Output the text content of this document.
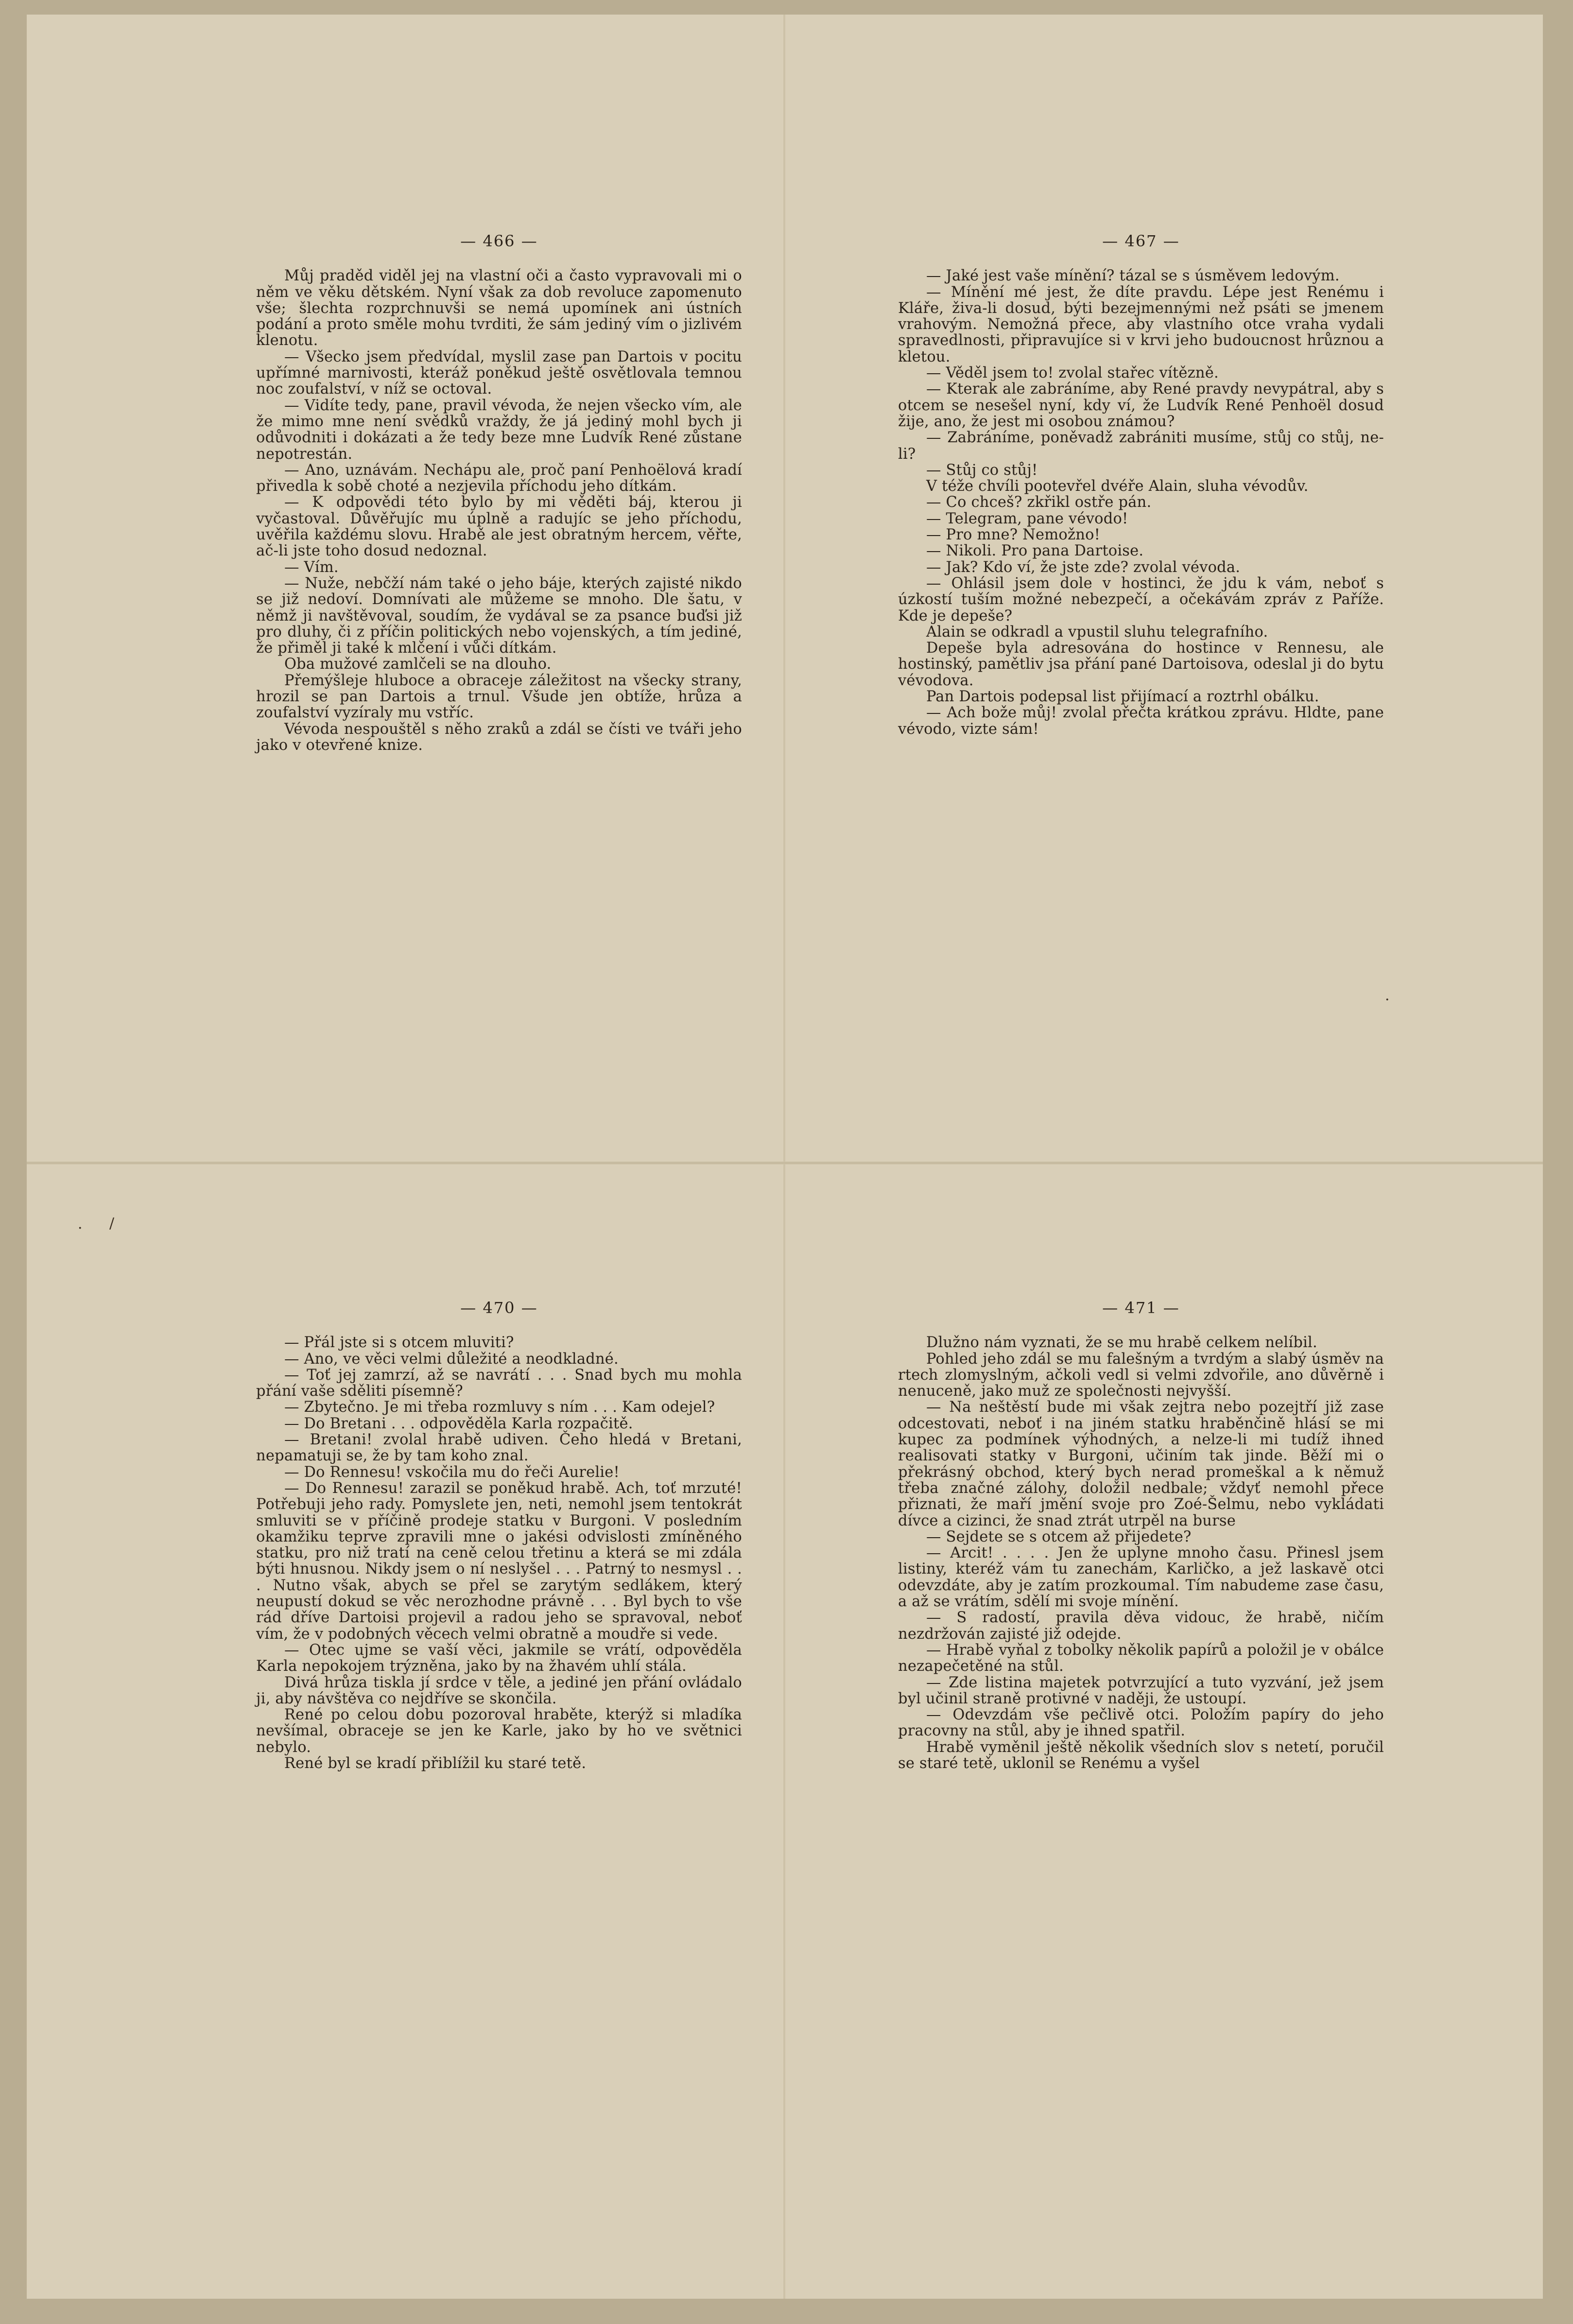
— 466 —

Můj praděd viděl jej na vlastní oči a často vypravovali mi o něm ve věku dětském. Nyní však za dob revoluce zapomenuto vše; šlechta rozprchnuvši se nemá upomínek ani ústních podání a proto směle mohu tvrditi, že sám jediný vím o jizlivém klenotu.

— Všecko jsem předvídal, myslil zase pan Dartois v pocitu upřímné marnivosti, kteráž poněkud ještě osvětlovala temnou noc zoufalství, v níž se octoval.

— Vidíte tedy, pane, pravil vévoda, že nejen všecko vím, ale že mimo mne není svědků vraždy, že já jediný mohl bych ji odůvodniti i dokázati a že tedy beze mne Ludvík René zůstane nepotrestán.

— Ano, uznávám. Nechápu ale, proč paní Penhoëlová kradí přivedla k sobě choté a nezjevila příchodu jeho dítkám.

— K odpovědi této bylo by mi věděti báj, kterou ji vyčastoval. Důvěřujíc mu úplně a radujíc se jeho příchodu, uvěřila každému slovu. Hrabě ale jest obratným hercem, věřte, ač-li jste toho dosud nedoznal.

— Vím.

— Nuže, nebčží nám také o jeho báje, kterých zajisté nikdo se již nedoví. Domnívati ale můžeme se mnoho. Dle šatu, v němž ji navštěvoval, soudím, že vydával se za psance buďsi již pro dluhy, či z příčin politických nebo vojenských, a tím jediné, že přiměl ji také k mlčení i vůči dítkám.

Oba mužové zamlčeli se na dlouho.

Přemýšleje hluboce a obraceje záležitost na všecky strany, hrozil se pan Dartois a trnul. Všude jen obtíže, hrůza a zoufalství vyzíraly mu vstříc.

Vévoda nespouštěl s něho zraků a zdál se čísti ve tváři jeho jako v otevřené knize.

— 467 —

— Jaké jest vaše mínění? tázal se s úsměvem ledovým.

— Mínění mé jest, že díte pravdu. Lépe jest Renému i Kláře, živa-li dosud, býti bezejmennými než psáti se jmenem vrahovým. Nemožná přece, aby vlastního otce vraha vydali spravedlnosti, připravujíce si v krvi jeho budoucnost hrůznou a kletou.

— Věděl jsem to! zvolal stařec vítězně.

— Kterak ale zabráníme, aby René pravdy nevypátral, aby s otcem se nesešel nyní, kdy ví, že Ludvík René Penhoël dosud žije, ano, že jest mi osobou známou?

— Zabráníme, poněvadž zabrániti musíme, stůj co stůj, ne-li?

— Stůj co stůj!

V téže chvíli pootevřel dvéře Alain, sluha vévodův.

— Co chceš? zkřikl ostře pán.

— Telegram, pane vévodo!

— Pro mne? Nemožno!

— Nikoli. Pro pana Dartoise.

— Jak? Kdo ví, že jste zde? zvolal vévoda.

— Ohlásil jsem dole v hostinci, že jdu k vám, neboť s úzkostí tuším možné nebezpečí, a očekávám zpráv z Paříže. Kde je depeše?

Alain se odkradl a vpustil sluhu telegrafního.

Depeše byla adresována do hostince v Rennesu, ale hostinský, pamětliv jsa přání pané Dartoisova, odeslal ji do bytu vévodova.

Pan Dartois podepsal list přijímací a roztrhl obálku.

— Ach bože můj! zvolal přečta krátkou zprávu. Hldte, pane vévodo, vizte sám!

— 470 —

— Přál jste si s otcem mluviti?

— Ano, ve věci velmi důležité a neodkladné.

— Toť jej zamrzí, až se navrátí . . . Snad bych mu mohla přání vaše sděliti písemně?

— Zbytečno. Je mi třeba rozmluvy s ním . . . Kam odejel?

— Do Bretani . . . odpověděla Karla rozpačitě.

— Bretani! zvolal hrabě udiven. Čeho hledá v Bretani, nepamatuji se, že by tam koho znal.

— Do Rennesu! vskočila mu do řeči Aurelie!

— Do Rennesu! zarazil se poněkud hrabě. Ach, toť mrzuté! Potřebuji jeho rady. Pomyslete jen, neti, nemohl jsem tentokrát smluviti se v příčině prodeje statku v Burgoni. V posledním okamžiku teprve zpravili mne o jakési odvislosti zmíněného statku, pro niž tratí na ceně celou třetinu a která se mi zdála býti hnusnou. Nikdy jsem o ní neslyšel . . . Patrný to nesmysl . . . Nutno však, abych se přel se zarytým sedlákem, který neupustí dokud se věc nerozhodne právně . . . Byl bych to vše rád dříve Dartoisi projevil a radou jeho se spravoval, neboť vím, že v podobných věcech velmi obratně a moudře si vede.

— Otec ujme se vaší věci, jakmile se vrátí, odpověděla Karla nepokojem trýzněna, jako by na žhavém uhlí stála.

Divá hrůza tiskla jí srdce v těle, a jediné jen přání ovládalo ji, aby návštěva co nejdříve se skončila.

René po celou dobu pozoroval hraběte, kterýž si mladíka nevšímal, obraceje se jen ke Karle, jako by ho ve světnici nebylo.

René byl se kradí přiblížil ku staré tetě.

— 471 —

Dlužno nám vyznati, že se mu hrabě celkem nelíbil.

Pohled jeho zdál se mu falešným a tvrdým a slabý úsměv na rtech zlomyslným, ačkoli vedl si velmi zdvořile, ano důvěrně i nenuceně, jako muž ze společnosti nejvyšší.

— Na neštěstí bude mi však zejtra nebo pozejtří již zase odcestovati, neboť i na jiném statku hraběnčině hlásí se mi kupec za podmínek výhodných, a nelze-li mi tudíž ihned realisovati statky v Burgoni, učiním tak jinde. Běží mi o překrásný obchod, který bych nerad promeškal a k němuž třeba značné zálohy, doložil nedbale; vždyť nemohl přece přiznati, že maří jmění svoje pro Zoé-Šelmu, nebo vykládati dívce a cizinci, že snad ztrát utrpěl na burse

— Sejdete se s otcem až přijedete?

— Arcit! . . . . Jen že uplyne mnoho času. Přinesl jsem listiny, kteréž vám tu zanechám, Karličko, a jež laskavě otci odevzdáte, aby je zatím prozkoumal. Tím nabudeme zase času, a až se vrátím, sdělí mi svoje mínění.

— S radostí, pravila děva vidouc, že hrabě, ničím nezdržován zajisté již odejde.

— Hrabě vyňal z tobolky několik papírů a položil je v obálce nezapečetěné na stůl.

— Zde listina majetek potvrzující a tuto vyzvání, jež jsem byl učinil straně protivné v naději, že ustoupí.

— Odevzdám vše pečlivě otci. Položím papíry do jeho pracovny na stůl, aby je ihned spatřil.

Hrabě vyměnil ještě několik všedních slov s netetí, poručil se staré tetě, uklonil se Renému a vyšel

·
· /
